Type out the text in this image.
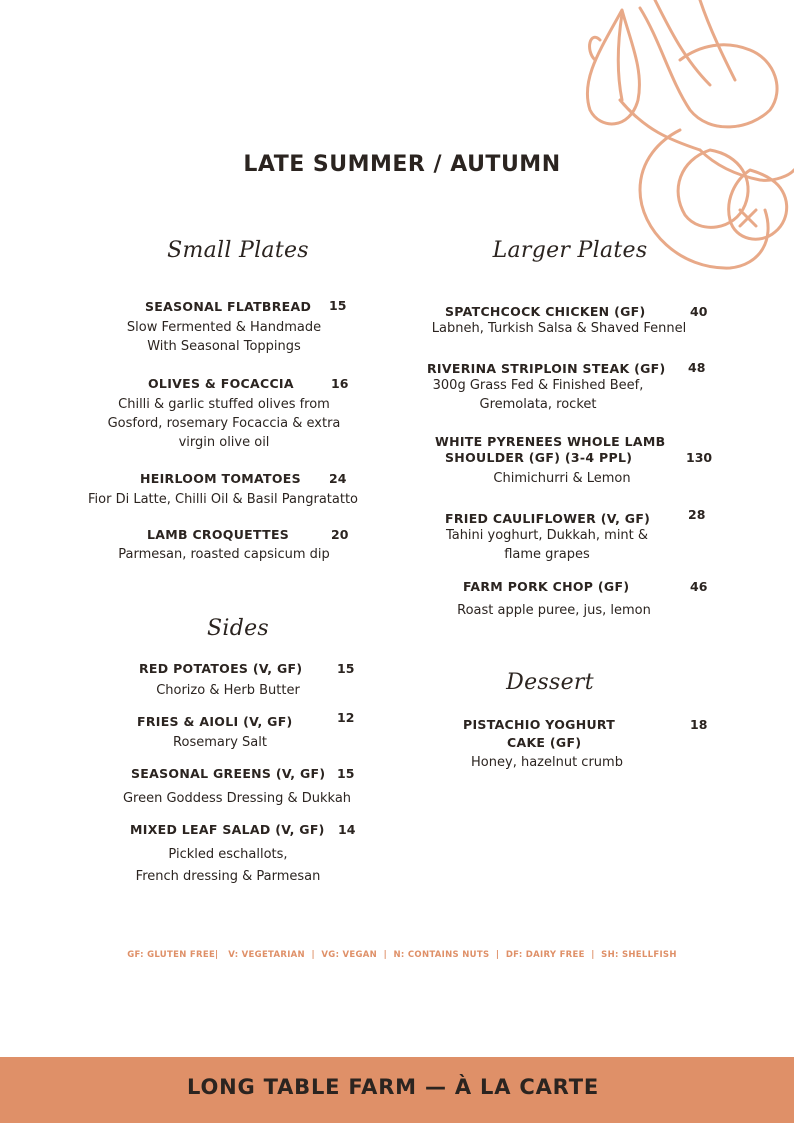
LATE SUMMER / AUTUMN
Small Plates
SEASONAL FLATBREAD 15
Slow Fermented & Handmade
With Seasonal Toppings
OLIVES & FOCACCIA	16
Chilli & garlic stuffed olives from
Gosford, rosemary Focaccia & extra
virgin olive oil
HEIRLOOM TOMATOES 24
Fior Di Latte, Chilli Oil & Basil Pangratatto
LAMB CROQUETTES	20
Parmesan, roasted capsicum dip
Sides
RED POTATOES (V, GF)	15
Chorizo & Herb Butter
FRIES & AIOLI (V, GF)	12
Rosemary Salt
SEASONAL GREENS (V, GF) 15
Green Goddess Dressing & Dukkah
MIXED LEAF SALAD (V, GF) 14
Pickled eschallots,
French dressing & Parmesan
Larger Plates
SPATCHCOCK CHICKEN (GF)	40
Labneh, Turkish Salsa & Shaved Fennel
RIVERINA STRIPLOIN STEAK (GF) 48
300g Grass Fed & Finished Beef,
Gremolata, rocket
WHITE PYRENEES WHOLE LAMB
SHOULDER (GF) (3-4 PPL)	130
Chimichurri & Lemon
FRIED CAULIFLOWER (V, GF)	28
Tahini yoghurt, Dukkah, mint &
flame grapes
FARM PORK CHOP (GF)	46
Roast apple puree, jus, lemon
Dessert
PISTACHIO YOGHURT
CAKE (GF)
18
Honey, hazelnut crumb
GF: GLUTEN FREE|   V: VEGETARIAN  |  VG: VEGAN  |  N: CONTAINS NUTS  |  DF: DAIRY FREE  |  SH: SHELLFISH
LONG TABLE FARM — À LA CARTE
